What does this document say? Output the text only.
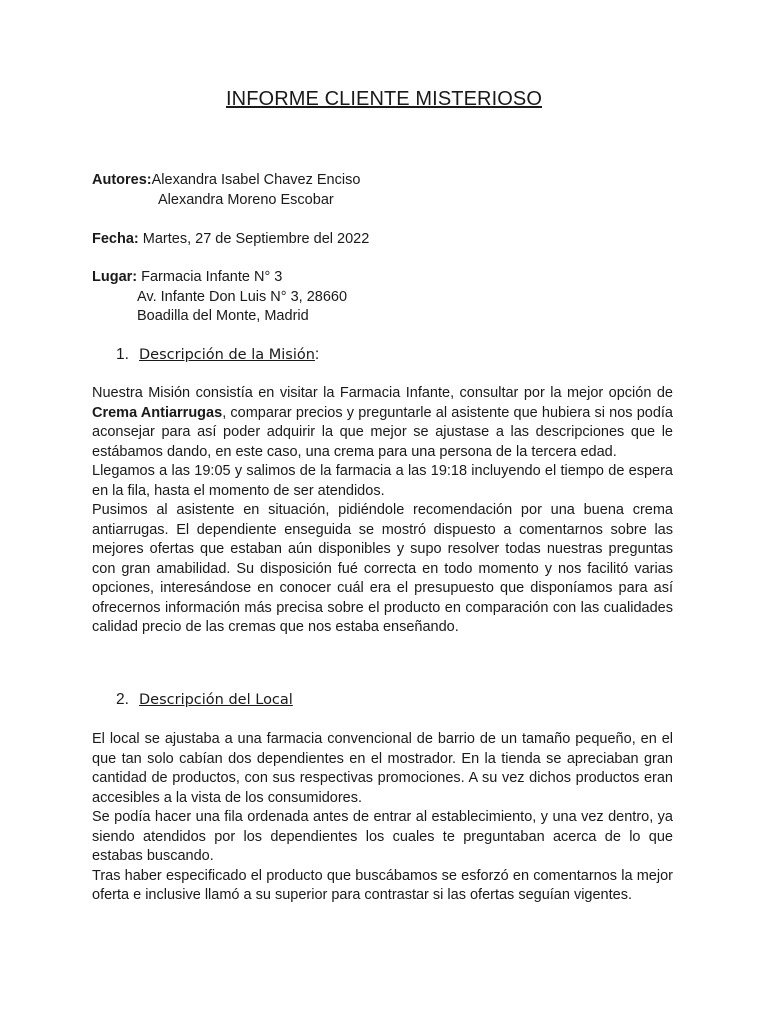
INFORME CLIENTE MISTERIOSO
Autores:Alexandra Isabel Chavez Enciso
Alexandra Moreno Escobar
Fecha: Martes, 27 de Septiembre del 2022
Lugar: Farmacia Infante N° 3
Av. Infante Don Luis N° 3, 28660
Boadilla del Monte, Madrid
1. Descripción de la Misión:

Nuestra Misión consistía en visitar la Farmacia Infante, consultar por la mejor opción de Crema Antiarrugas, comparar precios y preguntarle al asistente que hubiera si nos podía aconsejar para así poder adquirir la que mejor se ajustase a las descripciones que le estábamos dando, en este caso, una crema para una persona de la tercera edad.

Llegamos a las 19:05 y salimos de la farmacia a las 19:18 incluyendo el tiempo de espera en la fila, hasta el momento de ser atendidos.

Pusimos al asistente en situación, pidiéndole recomendación por una buena crema antiarrugas. El dependiente enseguida se mostró dispuesto a comentarnos sobre las mejores ofertas que estaban aún disponibles y supo resolver todas nuestras preguntas con gran amabilidad. Su disposición fué correcta en todo momento y nos facilitó varias opciones, interesándose en conocer cuál era el presupuesto que disponíamos para así ofrecernos información más precisa sobre el producto en comparación con las cualidades calidad precio de las cremas que nos estaba enseñando.

2. Descripción del Local

El local se ajustaba a una farmacia convencional de barrio de un tamaño pequeño, en el que tan solo cabían dos dependientes en el mostrador. En la tienda se apreciaban gran cantidad de productos, con sus respectivas promociones. A su vez dichos productos eran accesibles a la vista de los consumidores.

Se podía hacer una fila ordenada antes de entrar al establecimiento, y una vez dentro, ya siendo atendidos por los dependientes los cuales te preguntaban acerca de lo que estabas buscando.

Tras haber especificado el producto que buscábamos se esforzó en comentarnos la mejor oferta e inclusive llamó a su superior para contrastar si las ofertas seguían vigentes.
